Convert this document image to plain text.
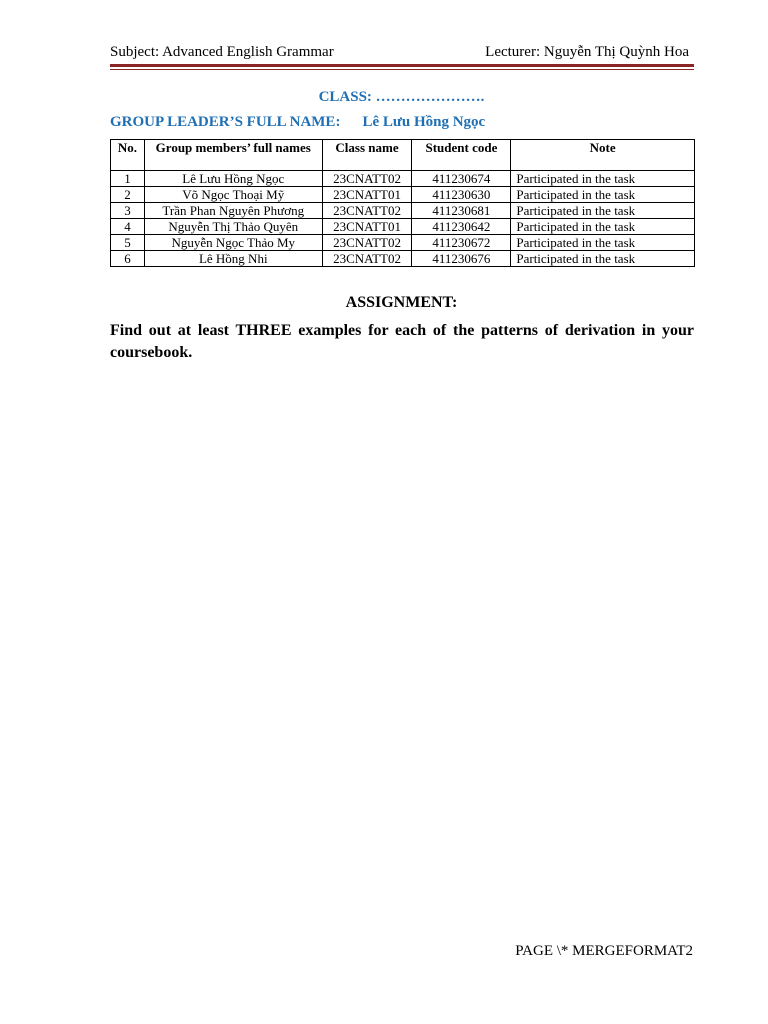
Subject: Advanced English Grammar	Lecturer: Nguyễn Thị Quỳnh Hoa
CLASS: ………………….
GROUP LEADER’S FULL NAME: Lê Lưu Hồng Ngọc
No.	Group members’ full names	Class name	Student code	Note
1	Lê Lưu Hồng Ngọc	23CNATT02	411230674	Participated in the task
2	Võ Ngọc Thoại Mỹ	23CNATT01	411230630	Participated in the task
3	Trần Phan Nguyên Phương	23CNATT02	411230681	Participated in the task
4	Nguyễn Thị Thảo Quyên	23CNATT01	411230642	Participated in the task
5	Nguyễn Ngọc Thảo My	23CNATT02	411230672	Participated in the task
6	Lê Hồng Nhi	23CNATT02	411230676	Participated in the task
ASSIGNMENT:
Find out at least THREE examples for each of the patterns of derivation in your coursebook.
PAGE \* MERGEFORMAT2
